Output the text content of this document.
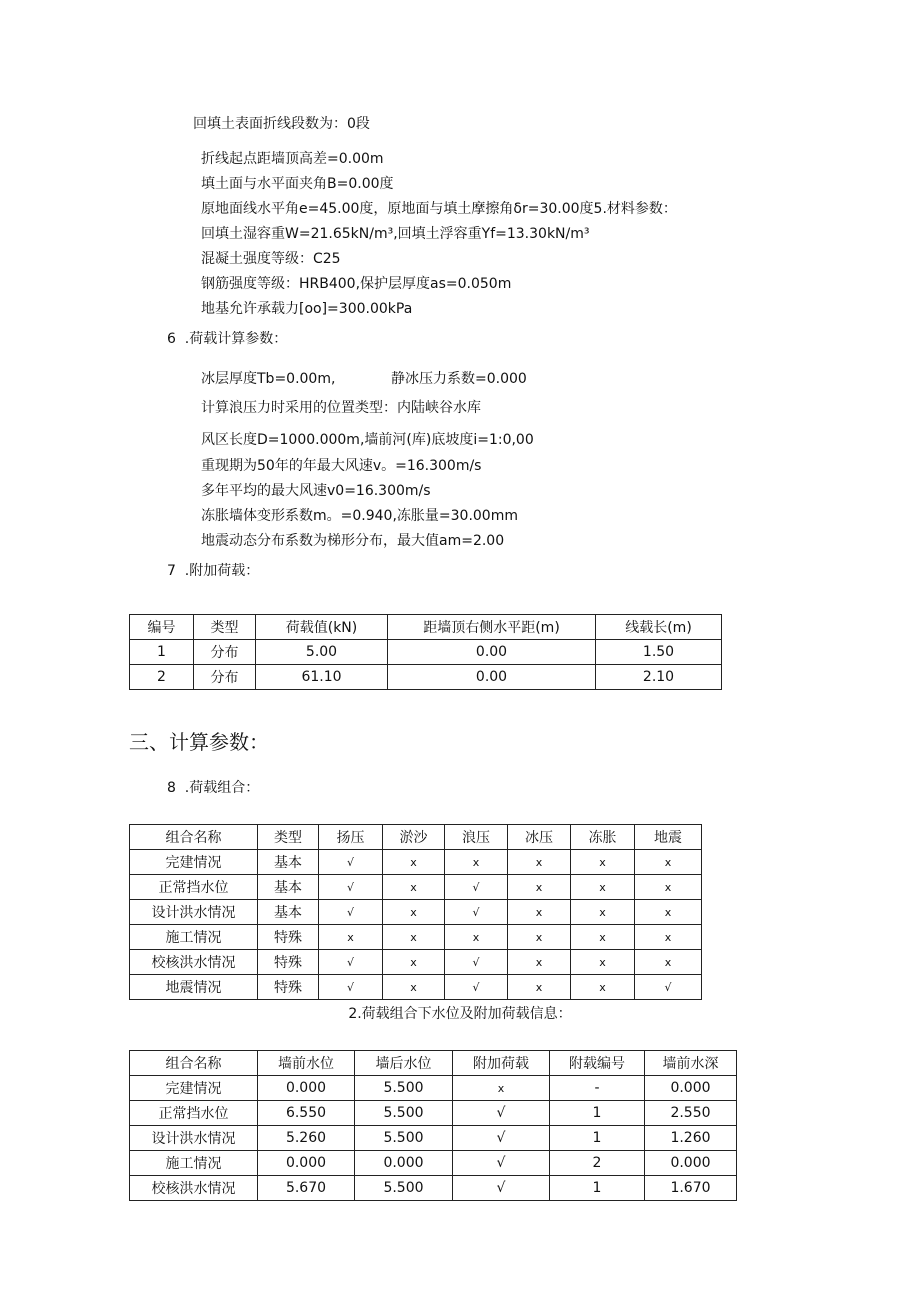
回填土表面折线段数为：0段
折线起点距墙顶高差=0.00m
填土面与水平面夹角B=0.00度
原地面线水平角e=45.00度，原地面与填土摩擦角δr=30.00度5.材料参数：
回填土湿容重W=21.65kN/m³,回填土浮容重Yf=13.30kN/m³
混凝土强度等级：C25
钢筋强度等级：HRB400,保护层厚度as=0.050m
地基允许承载力[oo]=300.00kPa
6  .荷载计算参数：
冰层厚度Tb=0.00m,	静冰压力系数=0.000
计算浪压力时采用的位置类型：内陆峡谷水库
风区长度D=1000.000m,墙前河(库)底坡度i=1:0,00
重现期为50年的年最大风速v。=16.300m/s
多年平均的最大风速v0=16.300m/s
冻胀墙体变形系数m。=0.940,冻胀量=30.00mm
地震动态分布系数为梯形分布，最大值am=2.00
7  .附加荷载：
编号	类型	荷载值(kN)	距墙顶右侧水平距(m)	线载长(m)
1	分布	5.00	0.00	1.50
2	分布	61.10	0.00	2.10
三、计算参数：
8  .荷载组合：
组合名称	类型	扬压	淤沙	浪压	冰压	冻胀	地震
完建情况	基本	√	x	x	x	x	x
正常挡水位	基本	√	x	√	x	x	x
设计洪水情况	基本	√	x	√	x	x	x
施工情况	特殊	x	x	x	x	x	x
校核洪水情况	特殊	√	x	√	x	x	x
地震情况	特殊	√	x	√	x	x	√
2.荷载组合下水位及附加荷载信息：
组合名称	墙前水位	墙后水位	附加荷载	附载编号	墙前水深
完建情况	0.000	5.500	x	-	0.000
正常挡水位	6.550	5.500	√	1	2.550
设计洪水情况	5.260	5.500	√	1	1.260
施工情况	0.000	0.000	√	2	0.000
校核洪水情况	5.670	5.500	√	1	1.670
